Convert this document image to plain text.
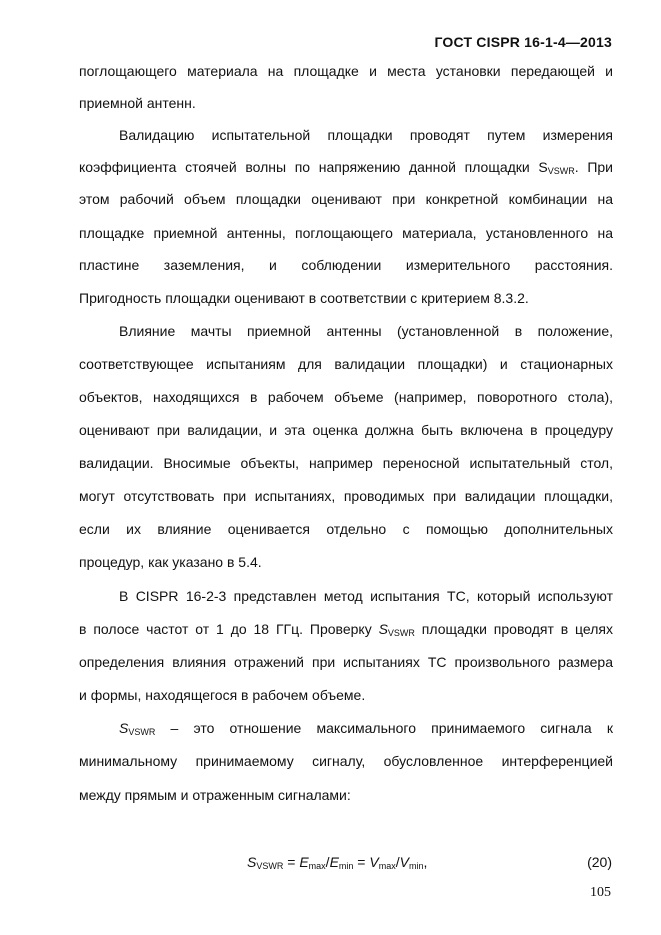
ГОСТ CISPR 16-1-4—2013
поглощающего материала на площадке и места установки передающей и
приемной антенн.
Валидацию испытательной площадки проводят путем измерения
коэффициента стоячей волны по напряжению данной площадки $S_{VSWR}$. При
этом рабочий объем площадки оценивают при конкретной комбинации на
площадке приемной антенны, поглощающего материала, установленного на
пластине заземления, и соблюдении измерительного расстояния.
Пригодность площадки оценивают в соответствии с критерием 8.3.2.
Влияние мачты приемной антенны (установленной в положение,
соответствующее испытаниям для валидации площадки) и стационарных
объектов, находящихся в рабочем объеме (например, поворотного стола),
оценивают при валидации, и эта оценка должна быть включена в процедуру
валидации. Вносимые объекты, например переносной испытательный стол,
могут отсутствовать при испытаниях, проводимых при валидации площадки,
если их влияние оценивается отдельно с помощью дополнительных
процедур, как указано в 5.4.
В CISPR 16-2-3 представлен метод испытания ТС, который используют
в полосе частот от 1 до 18 ГГц. Проверку $S_{VSWR}$ площадки проводят в целях
определения влияния отражений при испытаниях ТС произвольного размера
и формы, находящегося в рабочем объеме.
$S_{VSWR}$ – это отношение максимального принимаемого сигнала к
минимальному принимаемому сигналу, обусловленное интерференцией
между прямым и отраженным сигналами:
$S_{VSWR} = E_{max}/E_{min} = V_{max}/V_{min}$,	(20)
105
